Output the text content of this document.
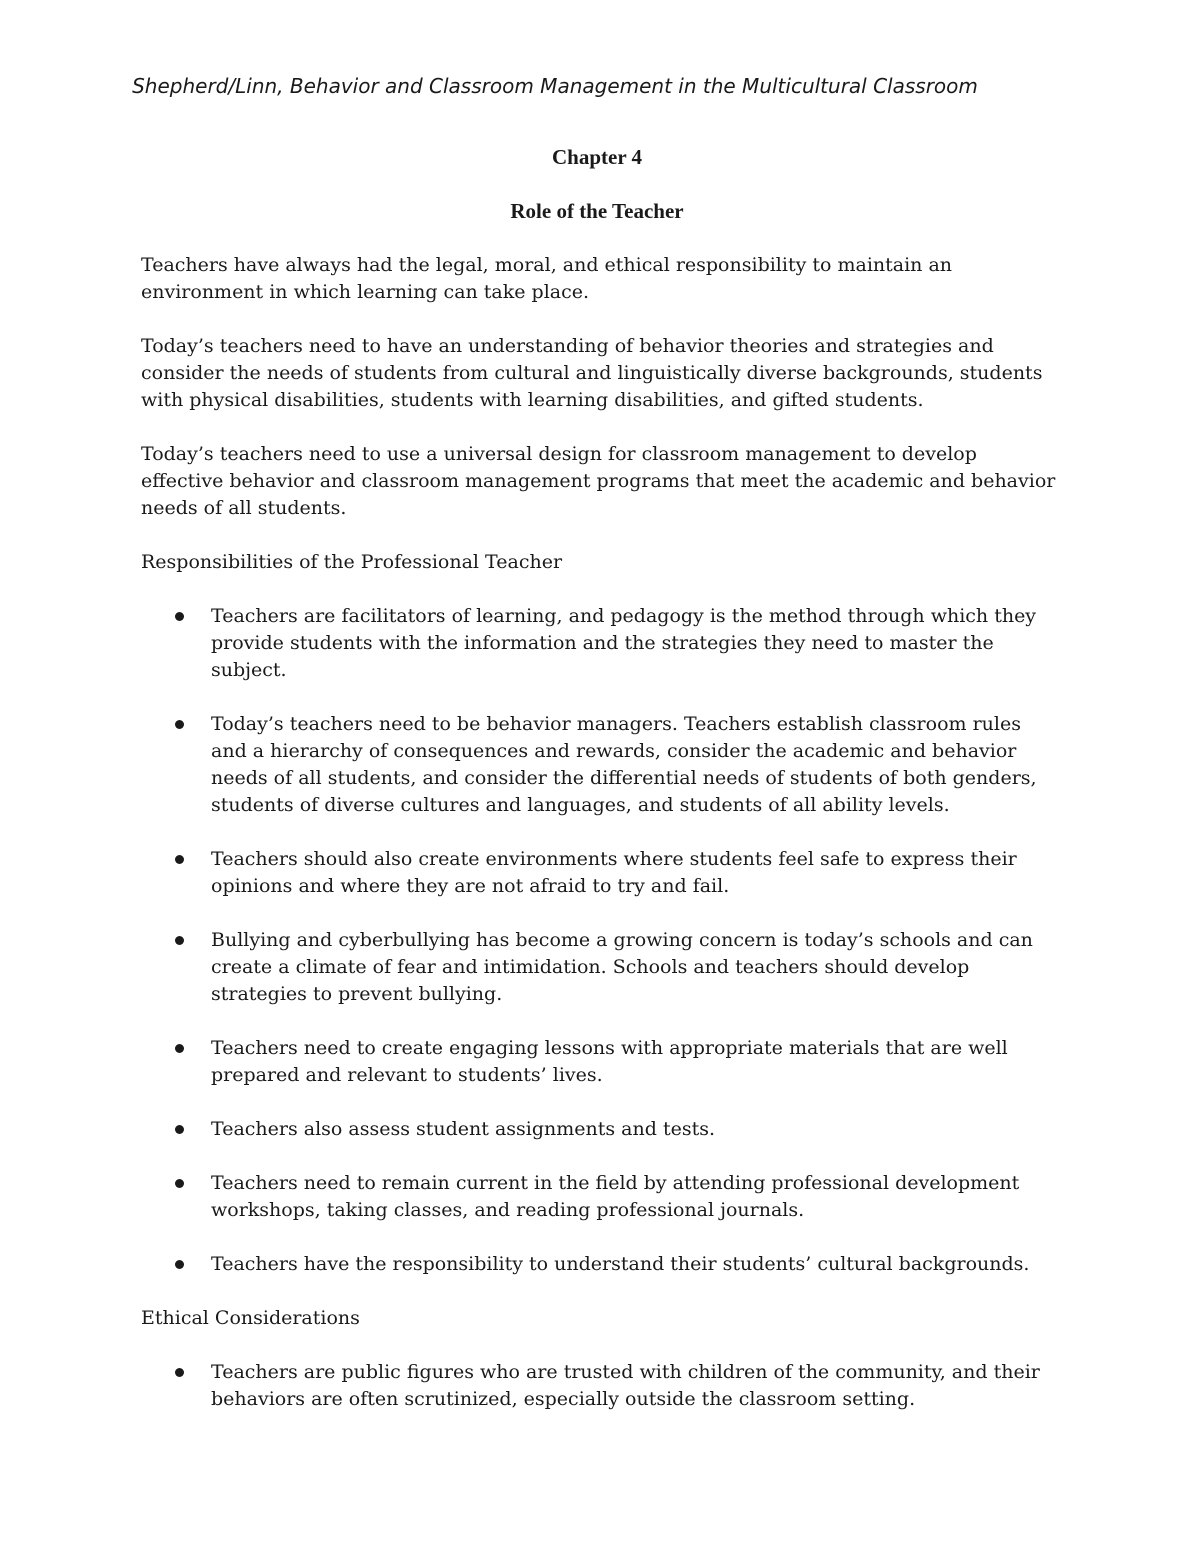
Shepherd/Linn, Behavior and Classroom Management in the Multicultural Classroom
Chapter 4
Role of the Teacher

Teachers have always had the legal, moral, and ethical responsibility to maintain an environment in which learning can take place.

Today’s teachers need to have an understanding of behavior theories and strategies and consider the needs of students from cultural and linguistically diverse backgrounds, students with physical disabilities, students with learning disabilities, and gifted students.

Today’s teachers need to use a universal design for classroom management to develop effective behavior and classroom management programs that meet the academic and behavior needs of all students.

Responsibilities of the Professional Teacher
Teachers are facilitators of learning, and pedagogy is the method through which they provide students with the information and the strategies they need to master the subject.
Today’s teachers need to be behavior managers. Teachers establish classroom rules and a hierarchy of consequences and rewards, consider the academic and behavior needs of all students, and consider the differential needs of students of both genders, students of diverse cultures and languages, and students of all ability levels.
Teachers should also create environments where students feel safe to express their opinions and where they are not afraid to try and fail.
Bullying and cyberbullying has become a growing concern is today’s schools and can create a climate of fear and intimidation. Schools and teachers should develop strategies to prevent bullying.
Teachers need to create engaging lessons with appropriate materials that are well prepared and relevant to students’ lives.
Teachers also assess student assignments and tests.
Teachers need to remain current in the field by attending professional development workshops, taking classes, and reading professional journals.
Teachers have the responsibility to understand their students’ cultural backgrounds.
Ethical Considerations
Teachers are public figures who are trusted with children of the community, and their behaviors are often scrutinized, especially outside the classroom setting.
